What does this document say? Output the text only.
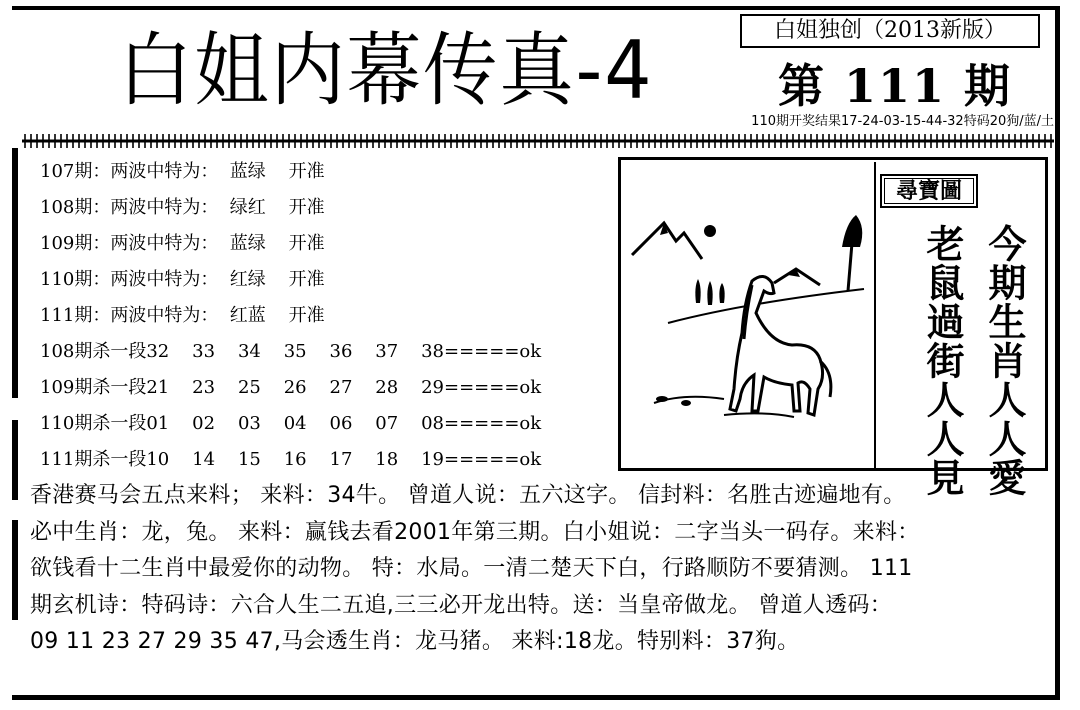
白姐独创（2013新版）
白姐内幕传真-4	第 111 期
110期开奖结果17-24-03-15-44-32特码20狗/蓝/土
107期：两波中特为：  蓝绿    开准
108期：两波中特为：  绿红    开准
109期：两波中特为：  蓝绿    开准
110期：两波中特为：  红绿    开准
111期：两波中特为：  红蓝    开准
108期杀一段32    33    34    35    36    37    38=====ok
109期杀一段21    23    25    26    27    28    29=====ok
110期杀一段01    02    03    04    06    07    08=====ok
111期杀一段10    14    15    16    17    18    19=====ok
尋寶圖
今期生肖人人愛
老鼠過街人人見
香港赛马会五点来料； 来料：34牛。 曾道人说：五六这字。 信封料：名胜古迹遍地有。
必中生肖：龙，兔。 来料：赢钱去看2001年第三期。白小姐说：二字当头一码存。来料：
欲钱看十二生肖中最爱你的动物。 特：水局。一清二楚天下白，行路顺防不要猜测。 111
期玄机诗：特码诗：六合人生二五追,三三必开龙出特。送：当皇帝做龙。 曾道人透码：
09 11 23 27 29 35 47,马会透生肖：龙马猪。 来料:18龙。特别料：37狗。
